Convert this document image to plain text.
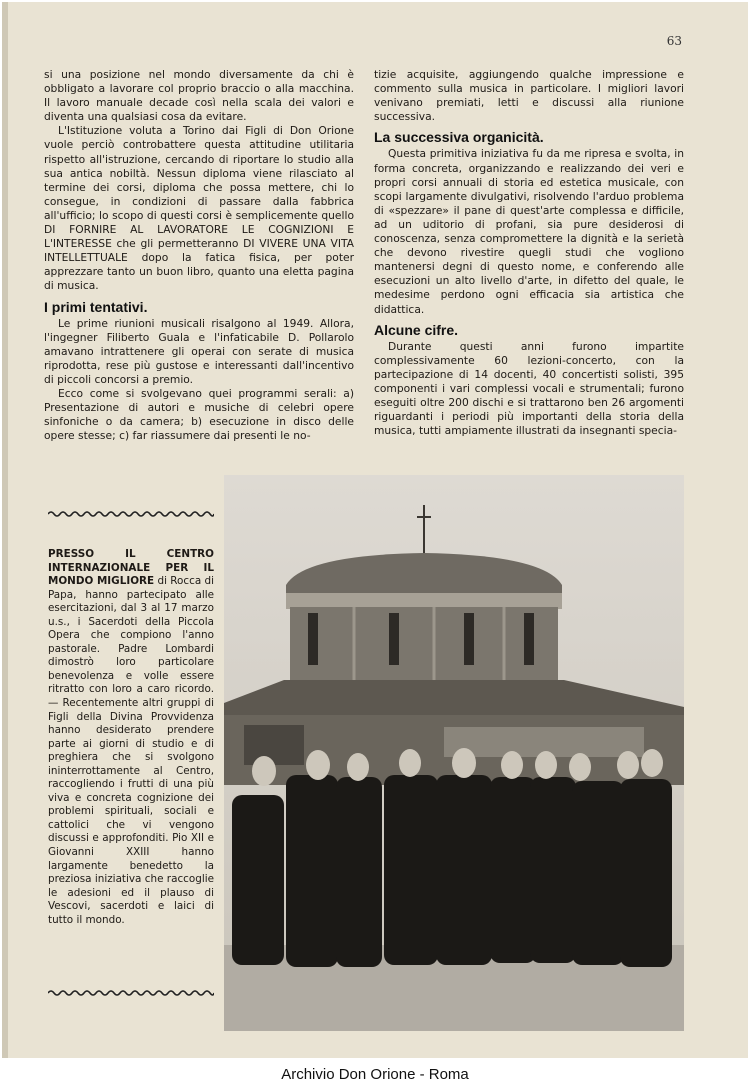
63

si una posizione nel mondo diversamente da chi è obbligato a lavorare col proprio braccio o alla macchina. Il lavoro manuale decade così nella scala dei valori e diventa una qualsiasi cosa da evitare.

L'Istituzione voluta a Torino dai Figli di Don Orione vuole perciò controbattere questa attitudine utilitaria rispetto all'istruzione, cercando di riportare lo studio alla sua antica nobiltà. Nessun diploma viene rilasciato al termine dei corsi, diploma che possa mettere, chi lo consegue, in condizioni di passare dalla fabbrica all'ufficio; lo scopo di questi corsi è semplicemente quello DI FORNIRE AL LAVORATORE LE COGNIZIONI E L'INTERESSE che gli permetteranno DI VIVERE UNA VITA INTELLETTUALE dopo la fatica fisica, per poter apprezzare tanto un buon libro, quanto una eletta pagina di musica.

I primi tentativi.

Le prime riunioni musicali risalgono al 1949. Allora, l'ingegner Filiberto Guala e l'infaticabile D. Pollarolo amavano intrattenere gli operai con serate di musica riprodotta, rese più gustose e interessanti dall'incentivo di piccoli concorsi a premio.

Ecco come si svolgevano quei programmi serali: a) Presentazione di autori e musiche di celebri opere sinfoniche o da camera; b) esecuzione in disco delle opere stesse; c) far riassumere dai presenti le no-

tizie acquisite, aggiungendo qualche impressione e commento sulla musica in particolare. I migliori lavori venivano premiati, letti e discussi alla riunione successiva.

La successiva organicità.

Questa primitiva iniziativa fu da me ripresa e svolta, in forma concreta, organizzando e realizzando dei veri e propri corsi annuali di storia ed estetica musicale, con scopi largamente divulgativi, risolvendo l'arduo problema di «spezzare» il pane di quest'arte complessa e difficile, ad un uditorio di profani, sia pure desiderosi di conoscenza, senza compromettere la dignità e la serietà che devono rivestire quegli studi che vogliono mantenersi degni di questo nome, e conferendo alle esecuzioni un alto livello d'arte, in difetto del quale, le medesime perdono ogni efficacia sia artistica che didattica.

Alcune cifre.

Durante questi anni furono impartite complessivamente 60 lezioni-concerto, con la partecipazione di 14 docenti, 40 concertisti solisti, 395 componenti i vari complessi vocali e strumentali; furono eseguiti oltre 200 dischi e si trattarono ben 26 argomenti riguardanti i periodi più importanti della storia della musica, tutti ampiamente illustrati da insegnanti specia-

PRESSO IL CENTRO INTERNAZIONALE PER IL MONDO MIGLIORE di Rocca di Papa, hanno partecipato alle esercitazioni, dal 3 al 17 marzo u.s., i Sacerdoti della Piccola Opera che compiono l'anno pastorale. Padre Lombardi dimostrò loro particolare benevolenza e volle essere ritratto con loro a caro ricordo. — Recentemente altri gruppi di Figli della Divina Provvidenza hanno desiderato prendere parte ai giorni di studio e di preghiera che si svolgono ininterrottamente al Centro, raccogliendo i frutti di una più viva e concreta cognizione dei problemi spirituali, sociali e cattolici che vi vengono discussi e approfonditi. Pio XII e Giovanni XXIII hanno largamente benedetto la preziosa iniziativa che raccoglie le adesioni ed il plauso di Vescovi, sacerdoti e laici di tutto il mondo.
Archivio Don Orione - Roma
